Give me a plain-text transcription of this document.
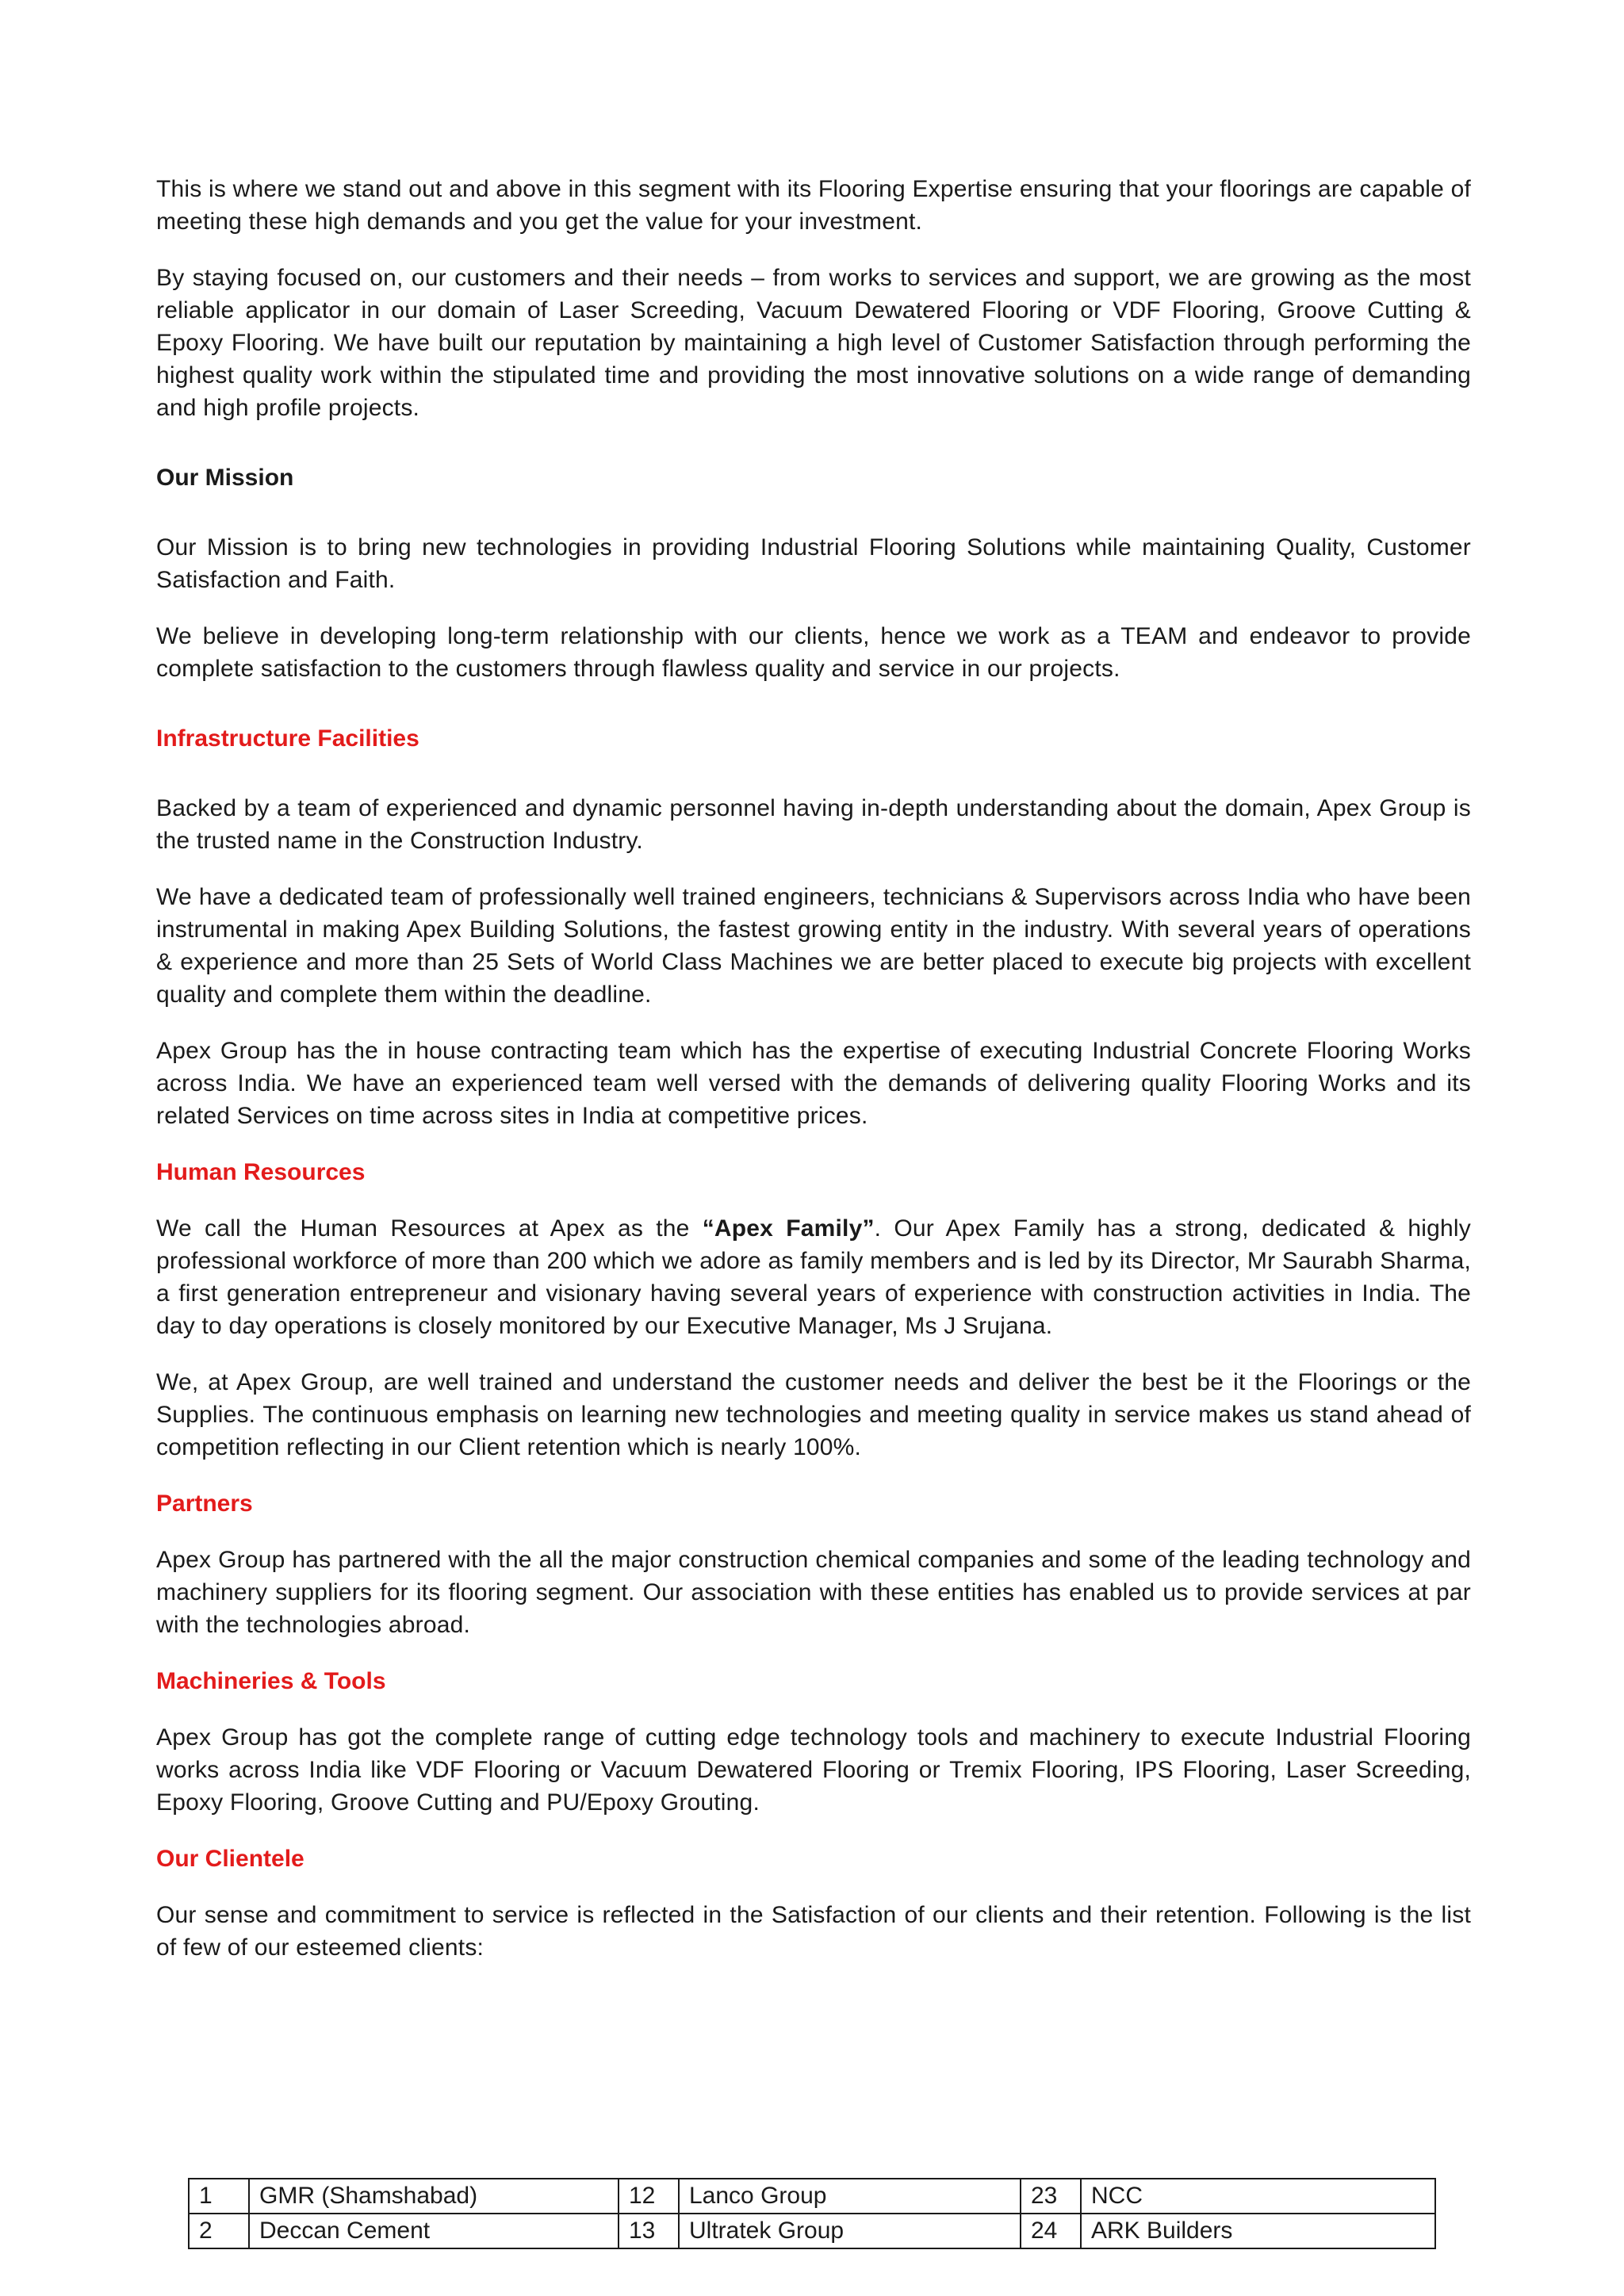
This is where we stand out and above in this segment with its Flooring Expertise ensuring that your floorings are capable of meeting these high demands and you get the value for your investment.

By staying focused on, our customers and their needs – from works to services and support, we are growing as the most reliable applicator in our domain of Laser Screeding, Vacuum Dewatered Flooring or VDF Flooring, Groove Cutting & Epoxy Flooring. We have built our reputation by maintaining a high level of Customer Satisfaction through performing the highest quality work within the stipulated time and providing the most innovative solutions on a wide range of demanding and high profile projects.

Our Mission

Our Mission is to bring new technologies in providing Industrial Flooring Solutions while maintaining Quality, Customer Satisfaction and Faith.

We believe in developing long-term relationship with our clients, hence we work as a TEAM and endeavor to provide complete satisfaction to the customers through flawless quality and service in our projects.

Infrastructure Facilities

Backed by a team of experienced and dynamic personnel having in-depth understanding about the domain, Apex Group is the trusted name in the Construction Industry.

We have a dedicated team of professionally well trained engineers, technicians & Supervisors across India who have been instrumental in making Apex Building Solutions, the fastest growing entity in the industry. With several years of operations & experience and more than 25 Sets of World Class Machines we are better placed to execute big projects with excellent quality and complete them within the deadline.

Apex Group has the in house contracting team which has the expertise of executing Industrial Concrete Flooring Works across India. We have an experienced team well versed with the demands of delivering quality Flooring Works and its related Services on time across sites in India at competitive prices.

Human Resources

We call the Human Resources at Apex as the “Apex Family”. Our Apex Family has a strong, dedicated & highly professional workforce of more than 200 which we adore as family members and is led by its Director, Mr Saurabh Sharma, a first generation entrepreneur and visionary having several years of experience with construction activities in India. The day to day operations is closely monitored by our Executive Manager, Ms J Srujana.

We, at Apex Group, are well trained and understand the customer needs and deliver the best be it the Floorings or the Supplies. The continuous emphasis on learning new technologies and meeting quality in service makes us stand ahead of competition reflecting in our Client retention which is nearly 100%.

Partners

Apex Group has partnered with the all the major construction chemical companies and some of the leading technology and machinery suppliers for its flooring segment. Our association with these entities has enabled us to provide services at par with the technologies abroad.

Machineries & Tools

Apex Group has got the complete range of cutting edge technology tools and machinery to execute Industrial Flooring works across India like VDF Flooring or Vacuum Dewatered Flooring or Tremix Flooring, IPS Flooring, Laser Screeding, Epoxy Flooring, Groove Cutting and PU/Epoxy Grouting.

Our Clientele

Our sense and commitment to service is reflected in the Satisfaction of our clients and their retention. Following is the list of few of our esteemed clients:

1	GMR (Shamshabad)	12	Lanco Group	23	NCC
2	Deccan Cement	13	Ultratek Group	24	ARK Builders
